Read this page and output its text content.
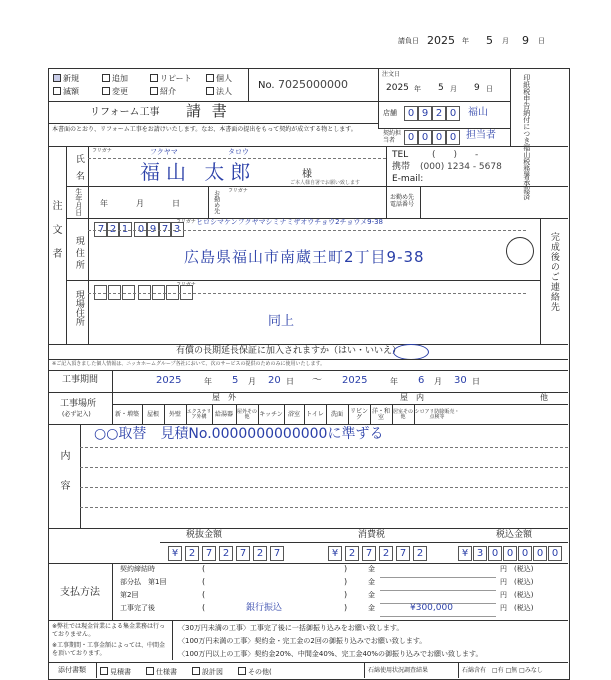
請負日 2025 年 5 月 9 日
新規	追加	リピート	個人
滅額	変更	紹介	法人
No. 7025000000
注文日
2025 年 5 月 9 日	印紙税申告納付につき福山税務署承認済
リフォーム工事 請 書	店舗	0 9 2 0	福山
本書面のとおり、リフォーム工事をお請けいたします。なお、本書面の提出をもって契約が成立する物とします。
契約担当者	0 0 0 0 担当者
注文者
氏名
フリガナ	フクヤマ	タロウ
福山 太郎	様
ご本人様自署でお願い致します
TEL	(　　)　　-
携帯 (000) 1234 - 5678
E-mail:
生年月日 年　月　日	お勤め先 フリガナ
お勤め先電話番号
現住所
7 2 1 0 9 7 3
フリガナ ヒロシマケンフクヤマシミナミザオウチョウ2チョウメ9-38
広島県福山市南蔵王町2丁目9-38	完成後のご連絡先
現場住所
フリガナ
同上
有償の長期延長保証に加入されますか（はい・いいえ）
※ご記入頂きました個人情報は、ニッカホームグループ各社において、次のサービスの提供のためのみに使用いたします。
工事期間	2025	年 5 月 20 日 ～ 2025	年 6 月 30 日
工事場所
(必ず記入)
屋　外	屋　内	他
新・増築	屋根	外壁	エクステリア外構	給湯器 屋外その他	キッチン 浴室	トイレ	洗面	リビング
洋・和室
居室その他
シロアリ防除販売・点検等
内容
○○取替　見積No.0000000000000に準ずる
税抜金額	消費税	税込金額
¥	2	7	2	7	2	7	¥	2	7	2	7	2	¥ 3 0 0 0 0 0
支払方法
契約締結時	(	)	金	円 (税込)
部分払　第1回	(	)	金	円 (税込)
第2回	(	)	金	円 (税込)
工事完了後	(	銀行振込	)	金	¥300,000	円 (税込)
※弊社では現金営業による集金業務は行っておりません。
※工事期間・工事金額によっては、中間金を頂いております。
〈30万円未満の工事〉工事完了後に一括御振り込みをお願い致します。
〈100万円未満の工事〉契約金・完工金の2回の御振り込みでお願い致します。
〈100万円以上の工事〉契約金20%、中間金40%、完工金40%の御振り込みでお願い致します。
添付書類	見積書	仕様書	設計図	その他(	石綿使用状況調査結果	石綿含有　□有 □無 □みなし
